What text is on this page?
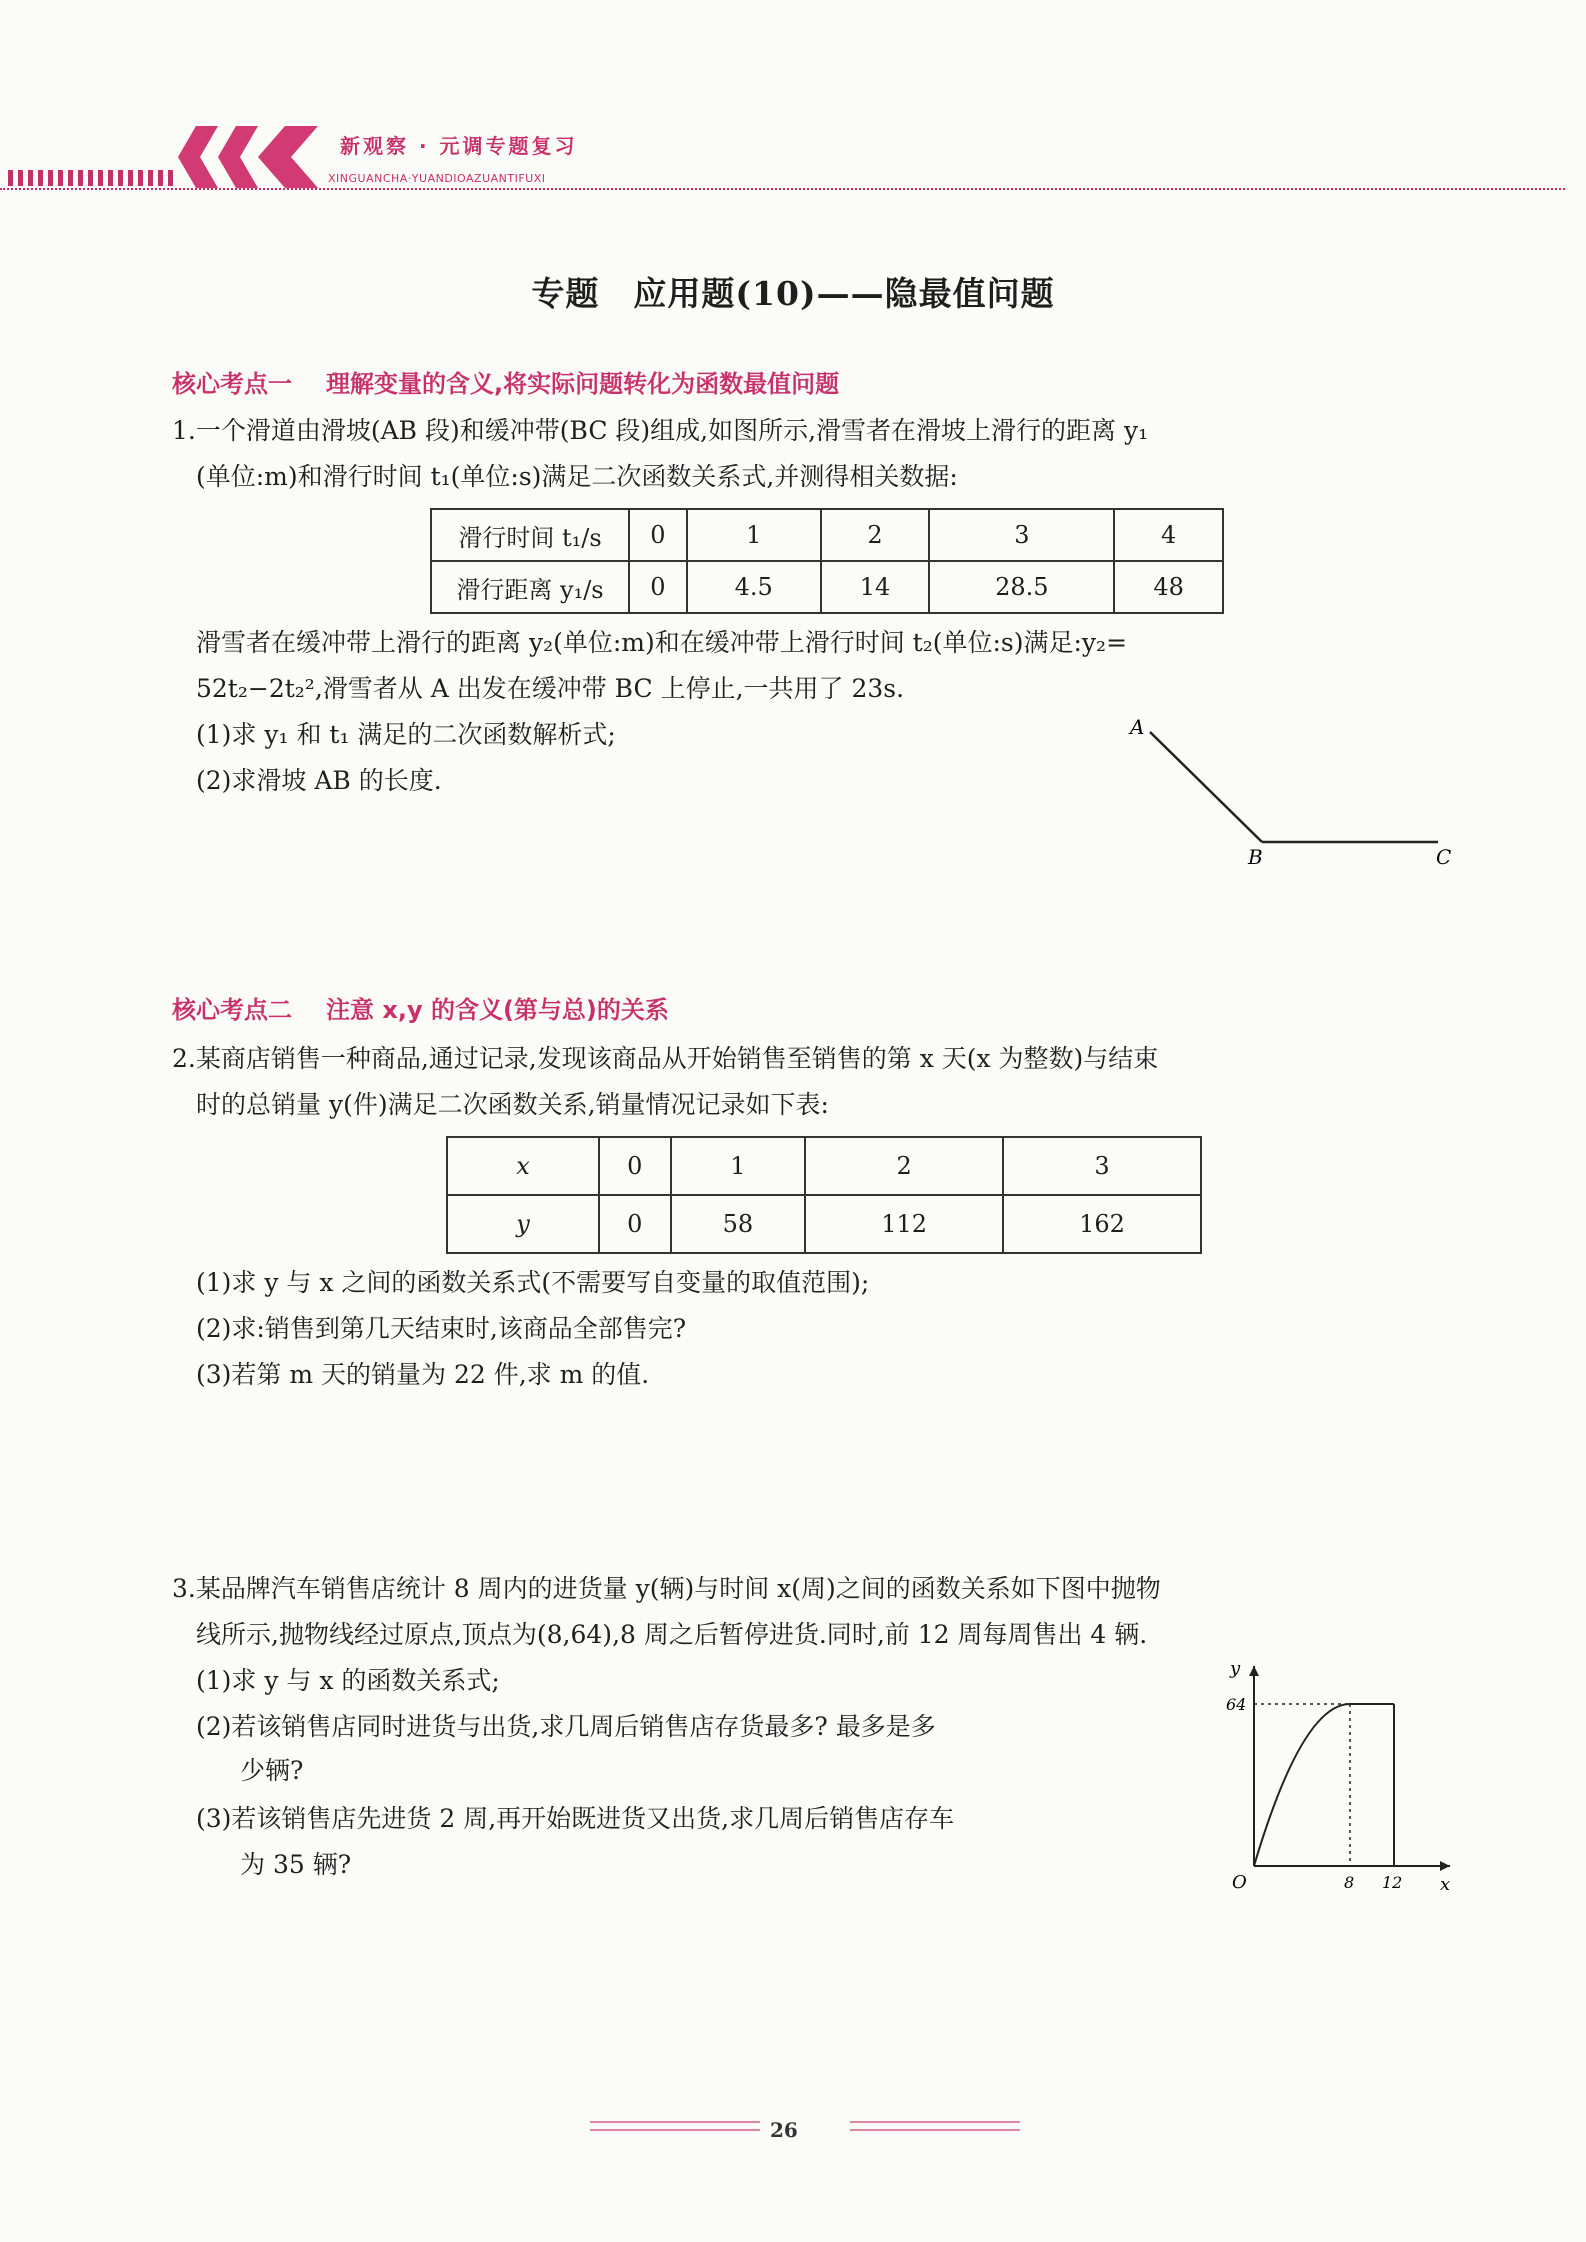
新观察 · 元调专题复习
XINGUANCHA·YUANDIOAZUANTIFUXI
专题　应用题(10)——隐最值问题
核心考点一 理解变量的含义,将实际问题转化为函数最值问题
1.一个滑道由滑坡(AB 段)和缓冲带(BC 段)组成,如图所示,滑雪者在滑坡上滑行的距离 y₁
(单位:m)和滑行时间 t₁(单位:s)满足二次函数关系式,并测得相关数据:
滑行时间 t₁/s	0	1	2	3	4
滑行距离 y₁/s	0	4.5	14	28.5	48
滑雪者在缓冲带上滑行的距离 y₂(单位:m)和在缓冲带上滑行时间 t₂(单位:s)满足:y₂=
52t₂−2t₂²,滑雪者从 A 出发在缓冲带 BC 上停止,一共用了 23s.
(1)求 y₁ 和 t₁ 满足的二次函数解析式;
(2)求滑坡 AB 的长度.
A
B	C
核心考点二 注意 x,y 的含义(第与总)的关系
2.某商店销售一种商品,通过记录,发现该商品从开始销售至销售的第 x 天(x 为整数)与结束
时的总销量 y(件)满足二次函数关系,销量情况记录如下表:
x	0	1	2	3
y	0	58	112	162
(1)求 y 与 x 之间的函数关系式(不需要写自变量的取值范围);
(2)求:销售到第几天结束时,该商品全部售完?
(3)若第 m 天的销量为 22 件,求 m 的值.
3.某品牌汽车销售店统计 8 周内的进货量 y(辆)与时间 x(周)之间的函数关系如下图中抛物
线所示,抛物线经过原点,顶点为(8,64),8 周之后暂停进货.同时,前 12 周每周售出 4 辆.
(1)求 y 与 x 的函数关系式;
(2)若该销售店同时进货与出货,求几周后销售店存货最多? 最多是多
少辆?
(3)若该销售店先进货 2 周,再开始既进货又出货,求几周后销售店存车
为 35 辆?
y
x
O
64
8 12
26
